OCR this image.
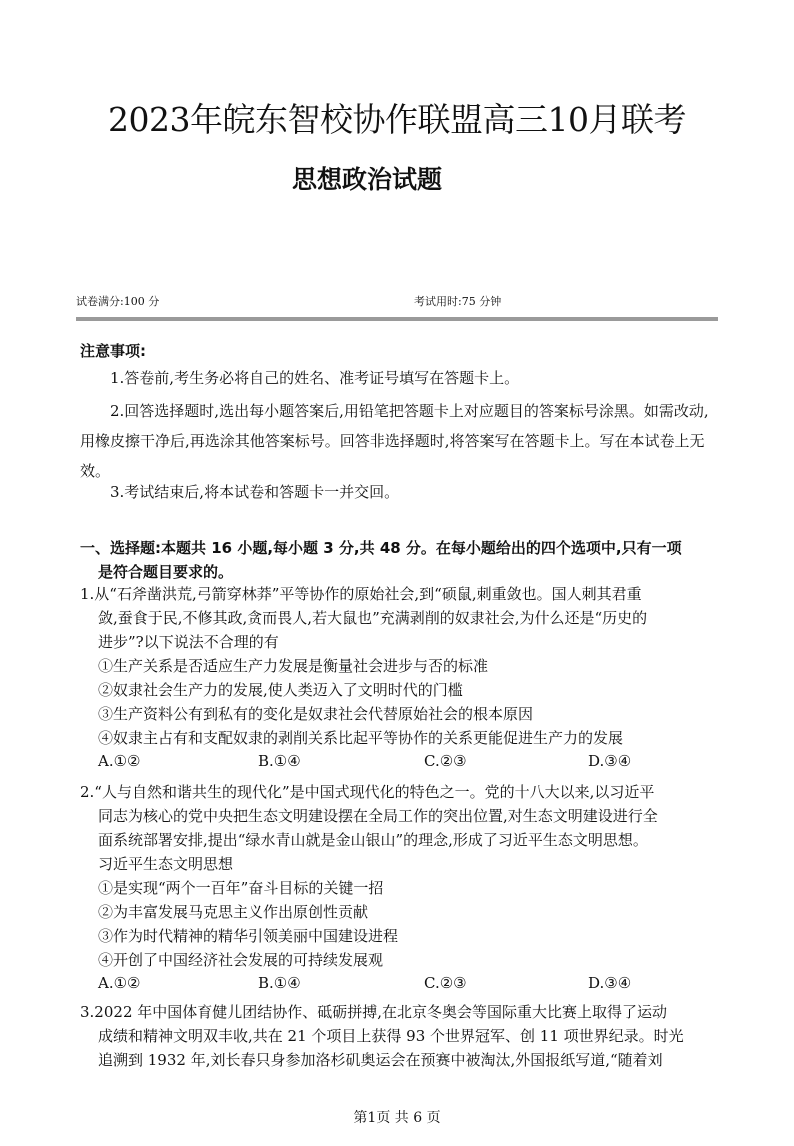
2023年皖东智校协作联盟高三10月联考
思想政治试题
试卷满分:100 分	考试用时:75 分钟
注意事项:
1.答卷前,考生务必将自己的姓名、准考证号填写在答题卡上。
2.回答选择题时,选出每小题答案后,用铅笔把答题卡上对应题目的答案标号涂黑。如需改动,用橡皮擦干净后,再选涂其他答案标号。回答非选择题时,将答案写在答题卡上。写在本试卷上无效。
3.考试结束后,将本试卷和答题卡一并交回。
一、选择题:本题共 16 小题,每小题 3 分,共 48 分。在每小题给出的四个选项中,只有一项
是符合题目要求的。
1.从“石斧凿洪荒,弓箭穿林莽”平等协作的原始社会,到“硕鼠,刺重敛也。国人刺其君重
敛,蚕食于民,不修其政,贪而畏人,若大鼠也”充满剥削的奴隶社会,为什么还是“历史的
进步”?以下说法不合理的有
①生产关系是否适应生产力发展是衡量社会进步与否的标准
②奴隶社会生产力的发展,使人类迈入了文明时代的门槛
③生产资料公有到私有的变化是奴隶社会代替原始社会的根本原因
④奴隶主占有和支配奴隶的剥削关系比起平等协作的关系更能促进生产力的发展
A.①②	B.①④	C.②③	D.③④
2.“人与自然和谐共生的现代化”是中国式现代化的特色之一。党的十八大以来,以习近平
同志为核心的党中央把生态文明建设摆在全局工作的突出位置,对生态文明建设进行全
面系统部署安排,提出“绿水青山就是金山银山”的理念,形成了习近平生态文明思想。
习近平生态文明思想
①是实现“两个一百年”奋斗目标的关键一招
②为丰富发展马克思主义作出原创性贡献
③作为时代精神的精华引领美丽中国建设进程
④开创了中国经济社会发展的可持续发展观
A.①②	B.①④	C.②③	D.③④
3.2022 年中国体育健儿团结协作、砥砺拼搏,在北京冬奥会等国际重大比赛上取得了运动
成绩和精神文明双丰收,共在 21 个项目上获得 93 个世界冠军、创 11 项世界纪录。时光
追溯到 1932 年,刘长春只身参加洛杉矶奥运会在预赛中被淘汰,外国报纸写道,“随着刘
第1页 共 6 页
